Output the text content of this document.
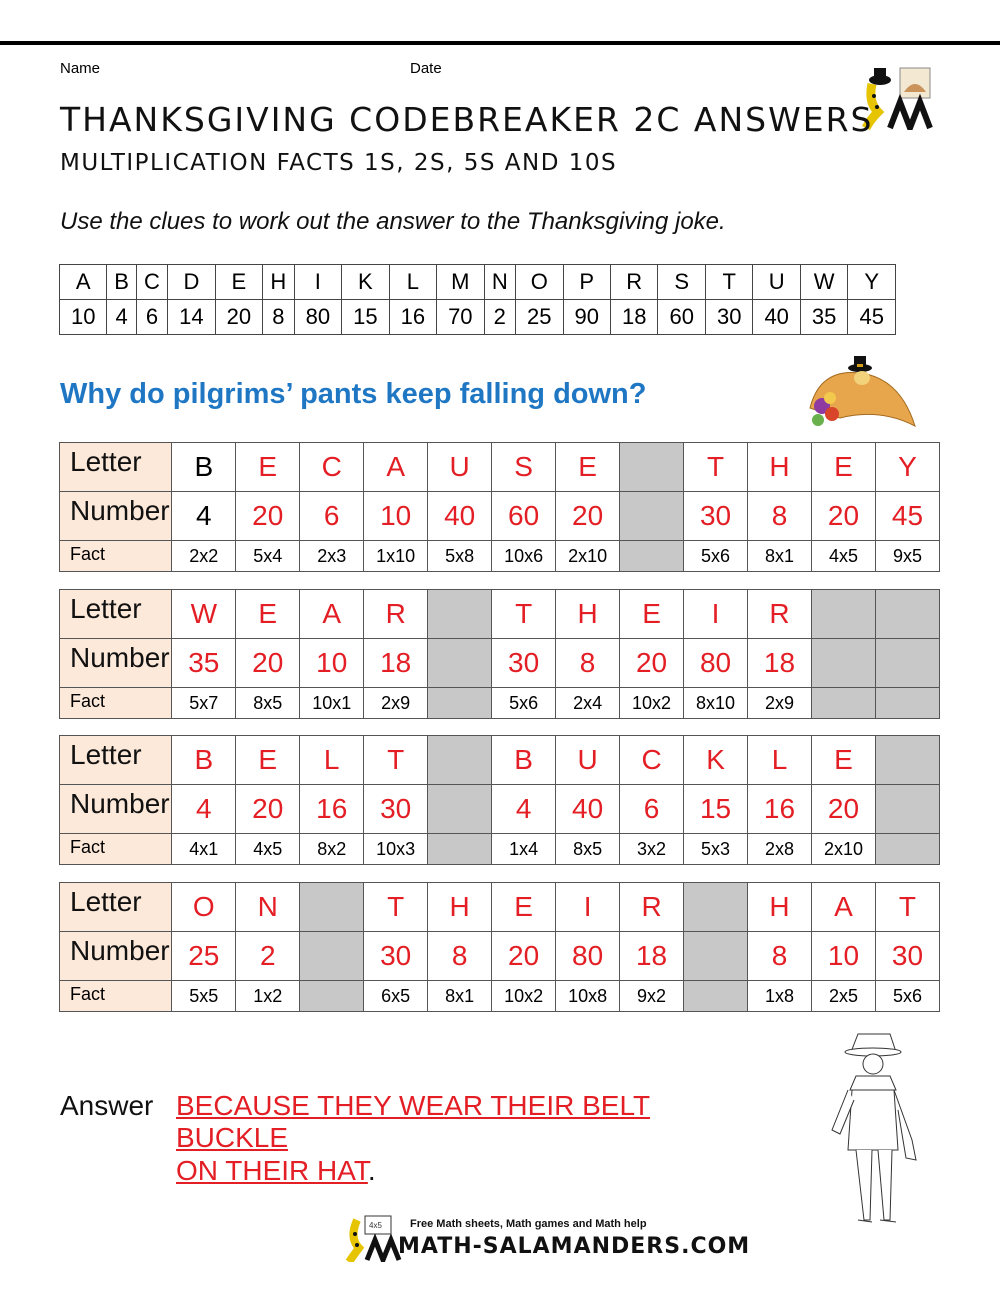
Name	Date
THANKSGIVING CODEBREAKER 2C ANSWERS
MULTIPLICATION FACTS 1S, 2S, 5S AND 10S
Use the clues to work out the answer to the Thanksgiving joke.
A	B	C	D	E	H	I	K	L	M	N	O	P	R	S	T	U	W	Y
10	4	6	14	20	8	80	15	16	70	2	25	90	18	60	30	40	35	45
Why do pilgrims’ pants keep falling down?
Letter	B	E	C	A	U	S	E		T	H	E	Y
Number	4	20	6	10	40	60	20		30	8	20	45
Fact	2x2	5x4	2x3	1x10	5x8	10x6	2x10		5x6	8x1	4x5	9x5
Letter	W	E	A	R		T	H	E	I	R		
Number	35	20	10	18		30	8	20	80	18		
Fact	5x7	8x5	10x1	2x9		5x6	2x4	10x2	8x10	2x9		
Letter	B	E	L	T		B	U	C	K	L	E	
Number	4	20	16	30		4	40	6	15	16	20	
Fact	4x1	4x5	8x2	10x3		1x4	8x5	3x2	5x3	2x8	2x10	
Letter	O	N		T	H	E	I	R		H	A	T
Number	25	2		30	8	20	80	18		8	10	30
Fact	5x5	1x2		6x5	8x1	10x2	10x8	9x2		1x8	2x5	5x6
Answer BECAUSE THEY WEAR THEIR BELT BUCKLE
ON THEIR HAT.
4x5	Free Math sheets, Math games and Math help
MATH-SALAMANDERS.COM
